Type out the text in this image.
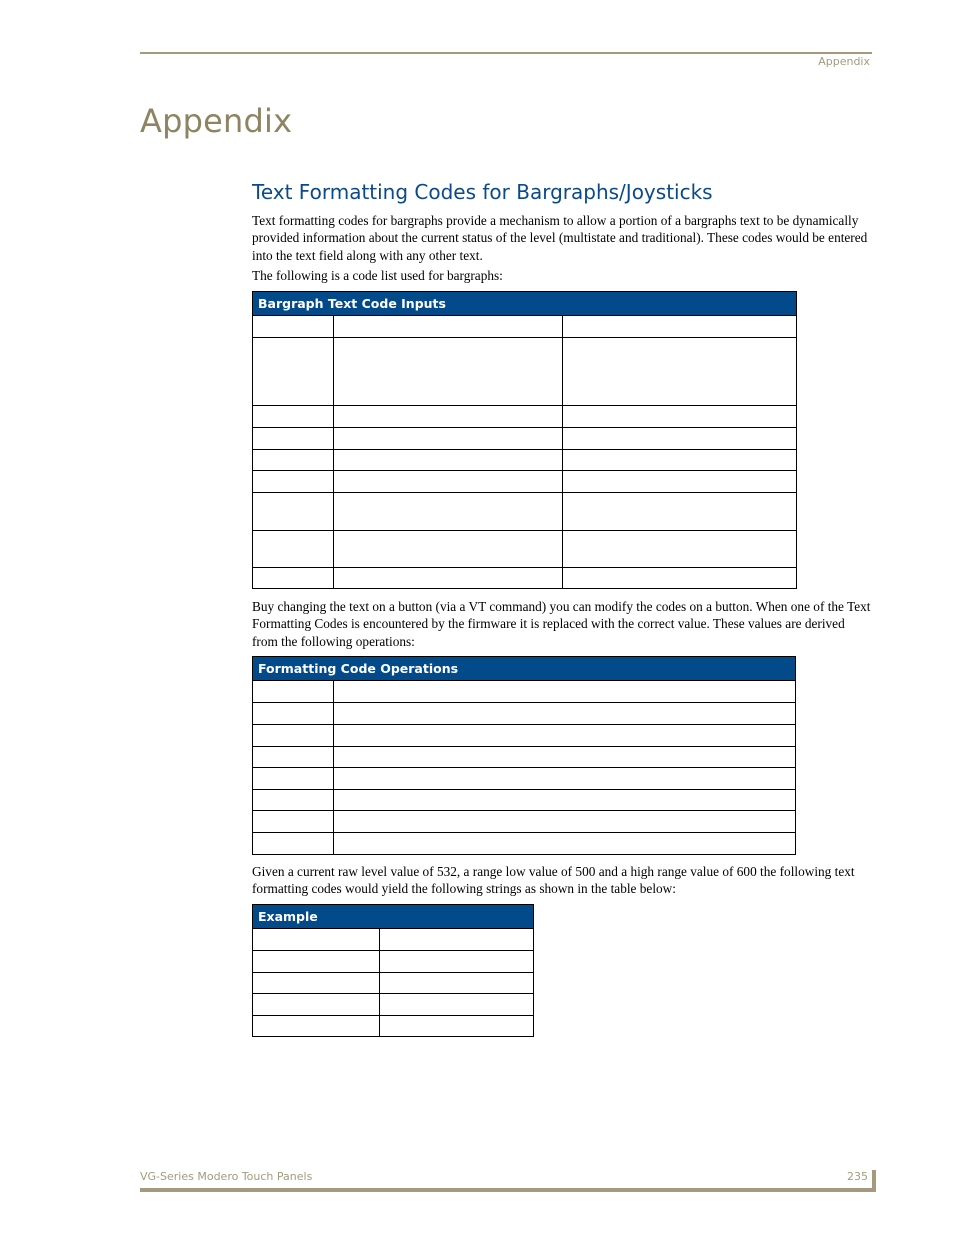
Appendix
Appendix
Text Formatting Codes for Bargraphs/Joysticks

Text formatting codes for bargraphs provide a mechanism to allow a portion of a bargraphs text to be dynamically provided information about the current status of the level (multistate and traditional). These codes would be entered into the text field along with any other text.

The following is a code list used for bargraphs:

Bargraph Text Code Inputs		

Buy changing the text on a button (via a VT command) you can modify the codes on a button. When one of the Text Formatting Codes is encountered by the firmware it is replaced with the correct value. These values are derived from the following operations:

Formatting Code Operations	

Given a current raw level value of 532, a range low value of 500 and a high range value of 600 the following text formatting codes would yield the following strings as shown in the table below:

Example	

VG-Series Modero Touch Panels	235
